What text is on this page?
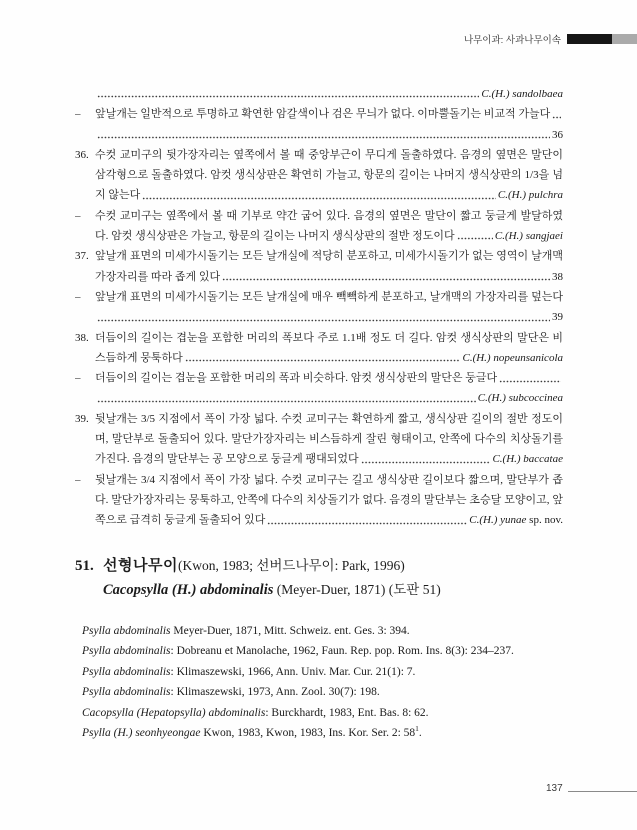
나무이과: 사과나무이속
C.(H.) sandolbaea
–	앞날개는 일반적으로 투명하고 확연한 암갈색이나 검은 무늬가 없다. 이마뿔돌기는 비교적 가늘다
36
36. 수컷 교미구의 뒷가장자리는 옆쪽에서 볼 때 중앙부근이 무디게 돌출하였다. 음경의 옆면은 말단이
삼각형으로 돌출하였다. 암컷 생식상판은 확연히 가늘고, 항문의 길이는 나머지 생식상판의 1/3을 넘
지 않는다	C.(H.) pulchra
–	수컷 교미구는 옆쪽에서 볼 때 기부로 약간 굽어 있다. 음경의 옆면은 말단이 짧고 둥글게 발달하였
다. 암컷 생식상판은 가늘고, 항문의 길이는 나머지 생식상판의 절반 정도이다	C.(H.) sangjaei
37. 앞날개 표면의 미세가시돌기는 모든 날개실에 적당히 분포하고, 미세가시돌기가 없는 영역이 날개맥
가장자리를 따라 좁게 있다	38
–	앞날개 표면의 미세가시돌기는 모든 날개실에 매우 빽빽하게 분포하고, 날개맥의 가장자리를 덮는다
39
38. 더듬이의 길이는 겹눈을 포함한 머리의 폭보다 주로 1.1배 정도 더 길다. 암컷 생식상판의 말단은 비
스듬하게 뭉툭하다	C.(H.) nopeunsanicola
–	더듬이의 길이는 겹눈을 포함한 머리의 폭과 비슷하다. 암컷 생식상판의 말단은 둥글다
C.(H.) subcoccinea
39. 뒷날개는 3/5 지점에서 폭이 가장 넓다. 수컷 교미구는 확연하게 짧고, 생식상판 길이의 절반 정도이
며, 말단부로 돌출되어 있다. 말단가장자리는 비스듬하게 잘린 형태이고, 안쪽에 다수의 치상돌기를
가진다. 음경의 말단부는 공 모양으로 둥글게 팽대되었다	C.(H.) baccatae
–	뒷날개는 3/4 지점에서 폭이 가장 넓다. 수컷 교미구는 길고 생식상판 길이보다 짧으며, 말단부가 좁
다. 말단가장자리는 뭉툭하고, 안쪽에 다수의 치상돌기가 없다. 음경의 말단부는 초승달 모양이고, 앞
쪽으로 급격히 둥글게 돌출되어 있다	C.(H.) yunae sp. nov.
51. 선형나무이(Kwon, 1983; 선버드나무이: Park, 1996)
Cacopsylla (H.) abdominalis (Meyer-Duer, 1871) (도판 51)
Psylla abdominalis Meyer-Duer, 1871, Mitt. Schweiz. ent. Ges. 3: 394.
Psylla abdominalis: Dobreanu et Manolache, 1962, Faun. Rep. pop. Rom. Ins. 8(3): 234–237.
Psylla abdominalis: Klimaszewski, 1966, Ann. Univ. Mar. Cur. 21(1): 7.
Psylla abdominalis: Klimaszewski, 1973, Ann. Zool. 30(7): 198.
Cacopsylla (Hepatopsylla) abdominalis: Burckhardt, 1983, Ent. Bas. 8: 62.
Psylla (H.) seonhyeongae Kwon, 1983, Kwon, 1983, Ins. Kor. Ser. 2: $58^1$.
137
